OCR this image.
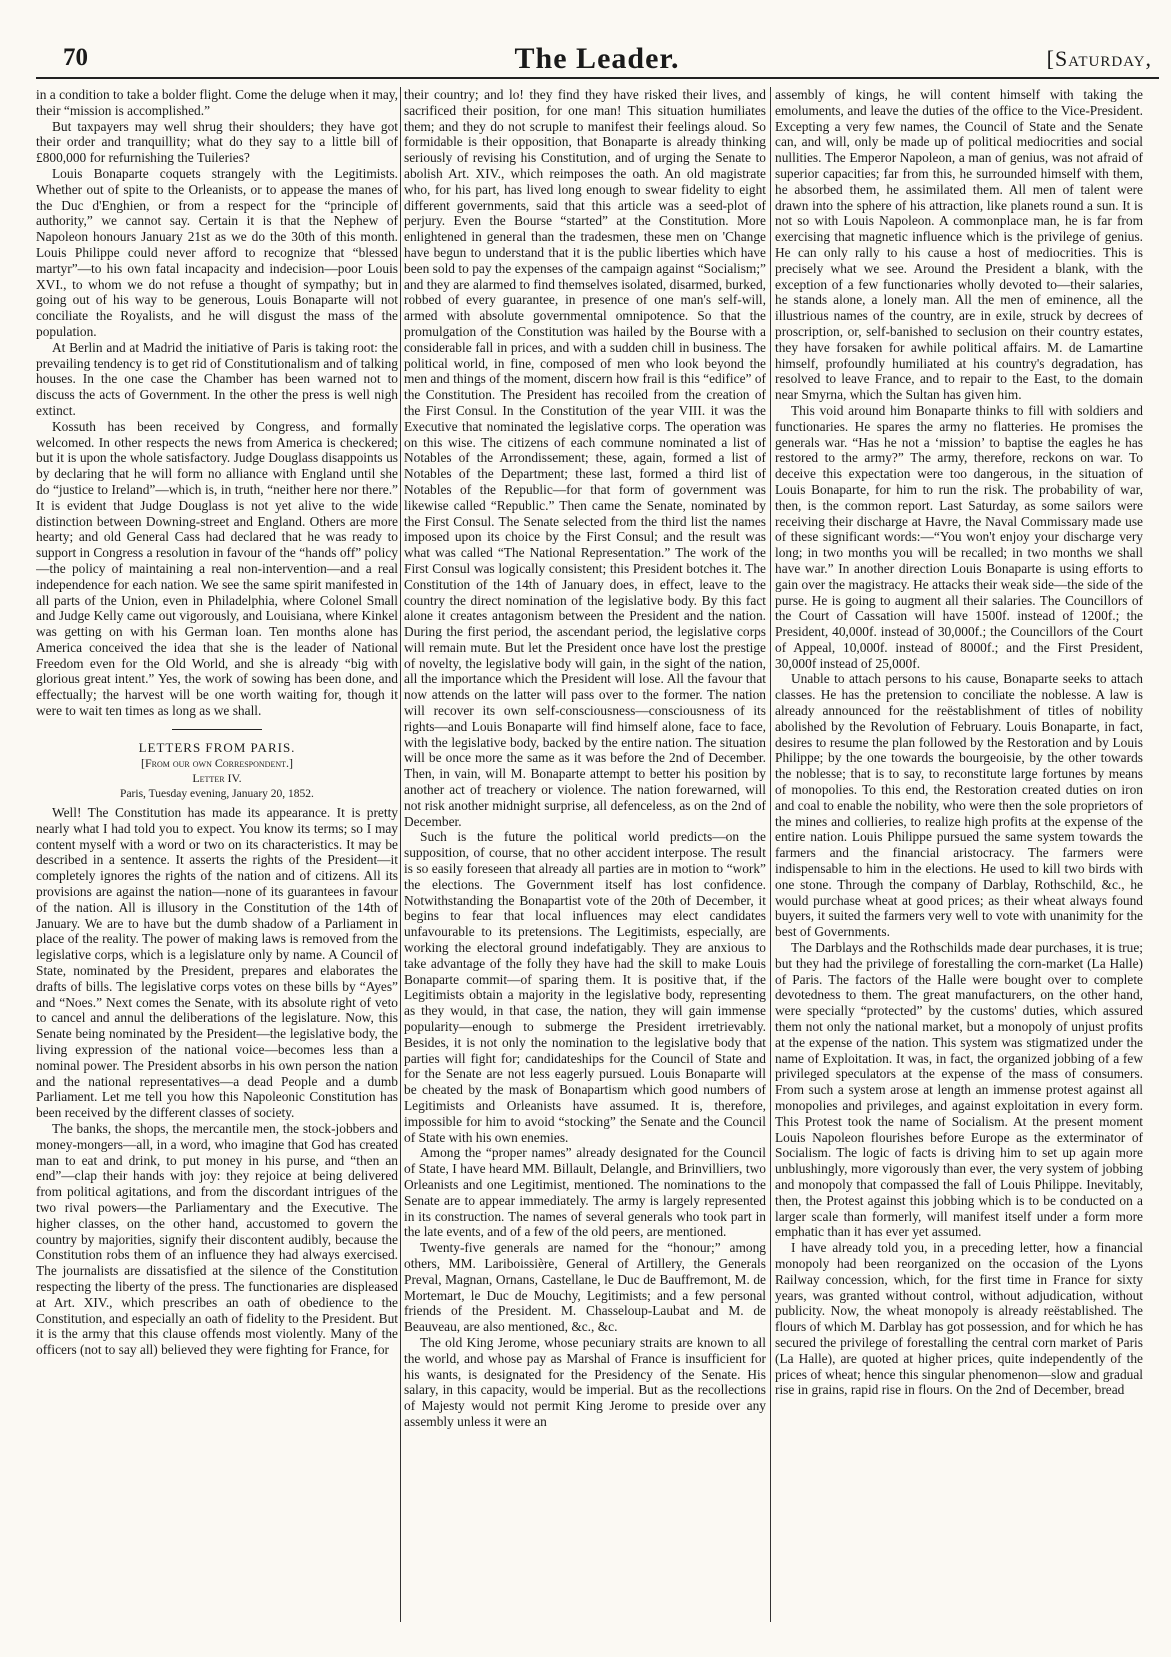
70	The Leader.	[Saturday,

in a condition to take a bolder flight. Come the deluge when it may, their “mission is accomplished.”

But taxpayers may well shrug their shoulders; they have got their order and tranquillity; what do they say to a little bill of £800,000 for refurnishing the Tuileries?

Louis Bonaparte coquets strangely with the Legitimists. Whether out of spite to the Orleanists, or to appease the manes of the Duc d'Enghien, or from a respect for the “principle of authority,” we cannot say. Certain it is that the Nephew of Napoleon honours January 21st as we do the 30th of this month. Louis Philippe could never afford to recognize that “blessed martyr”—to his own fatal incapacity and indecision—poor Louis XVI., to whom we do not refuse a thought of sympathy; but in going out of his way to be generous, Louis Bonaparte will not conciliate the Royalists, and he will disgust the mass of the population.

At Berlin and at Madrid the initiative of Paris is taking root: the prevailing tendency is to get rid of Constitutionalism and of talking houses. In the one case the Chamber has been warned not to discuss the acts of Government. In the other the press is well nigh extinct.

Kossuth has been received by Congress, and formally welcomed. In other respects the news from America is checkered; but it is upon the whole satisfactory. Judge Douglass disappoints us by declaring that he will form no alliance with England until she do “justice to Ireland”—which is, in truth, “neither here nor there.” It is evident that Judge Douglass is not yet alive to the wide distinction between Downing-street and England. Others are more hearty; and old General Cass had declared that he was ready to support in Congress a resolution in favour of the “hands off” policy—the policy of maintaining a real non-intervention—and a real independence for each nation. We see the same spirit manifested in all parts of the Union, even in Philadelphia, where Colonel Small and Judge Kelly came out vigorously, and Louisiana, where Kinkel was getting on with his German loan. Ten months alone has America conceived the idea that she is the leader of National Freedom even for the Old World, and she is already “big with glorious great intent.” Yes, the work of sowing has been done, and effectually; the harvest will be one worth waiting for, though it were to wait ten times as long as we shall.

LETTERS FROM PARIS.
[From our own Correspondent.]
Letter IV.
Paris, Tuesday evening, January 20, 1852.

Well! The Constitution has made its appearance. It is pretty nearly what I had told you to expect. You know its terms; so I may content myself with a word or two on its characteristics. It may be described in a sentence. It asserts the rights of the President—it completely ignores the rights of the nation and of citizens. All its provisions are against the nation—none of its guarantees in favour of the nation. All is illusory in the Constitution of the 14th of January. We are to have but the dumb shadow of a Parliament in place of the reality. The power of making laws is removed from the legislative corps, which is a legislature only by name. A Council of State, nominated by the President, prepares and elaborates the drafts of bills. The legislative corps votes on these bills by “Ayes” and “Noes.” Next comes the Senate, with its absolute right of veto to cancel and annul the deliberations of the legislature. Now, this Senate being nominated by the President—the legislative body, the living expression of the national voice—becomes less than a nominal power. The President absorbs in his own person the nation and the national representatives—a dead People and a dumb Parliament. Let me tell you how this Napoleonic Constitution has been received by the different classes of society.

The banks, the shops, the mercantile men, the stock-jobbers and money-mongers—all, in a word, who imagine that God has created man to eat and drink, to put money in his purse, and “then an end”—clap their hands with joy: they rejoice at being delivered from political agitations, and from the discordant intrigues of the two rival powers—the Parliamentary and the Executive. The higher classes, on the other hand, accustomed to govern the country by majorities, signify their discontent audibly, because the Constitution robs them of an influence they had always exercised. The journalists are dissatisfied at the silence of the Constitution respecting the liberty of the press. The functionaries are displeased at Art. XIV., which prescribes an oath of obedience to the Constitution, and especially an oath of fidelity to the President. But it is the army that this clause offends most violently. Many of the officers (not to say all) believed they were fighting for France, for

their country; and lo! they find they have risked their lives, and sacrificed their position, for one man! This situation humiliates them; and they do not scruple to manifest their feelings aloud. So formidable is their opposition, that Bonaparte is already thinking seriously of revising his Constitution, and of urging the Senate to abolish Art. XIV., which reimposes the oath. An old magistrate who, for his part, has lived long enough to swear fidelity to eight different governments, said that this article was a seed-plot of perjury. Even the Bourse “started” at the Constitution. More enlightened in general than the tradesmen, these men on 'Change have begun to understand that it is the public liberties which have been sold to pay the expenses of the campaign against “Socialism;” and they are alarmed to find themselves isolated, disarmed, burked, robbed of every guarantee, in presence of one man's self-will, armed with absolute governmental omnipotence. So that the promulgation of the Constitution was hailed by the Bourse with a considerable fall in prices, and with a sudden chill in business. The political world, in fine, composed of men who look beyond the men and things of the moment, discern how frail is this “edifice” of the Constitution. The President has recoiled from the creation of the First Consul. In the Constitution of the year VIII. it was the Executive that nominated the legislative corps. The operation was on this wise. The citizens of each commune nominated a list of Notables of the Arrondissement; these, again, formed a list of Notables of the Department; these last, formed a third list of Notables of the Republic—for that form of government was likewise called “Republic.” Then came the Senate, nominated by the First Consul. The Senate selected from the third list the names imposed upon its choice by the First Consul; and the result was what was called “The National Representation.” The work of the First Consul was logically consistent; this President botches it. The Constitution of the 14th of January does, in effect, leave to the country the direct nomination of the legislative body. By this fact alone it creates antagonism between the President and the nation. During the first period, the ascendant period, the legislative corps will remain mute. But let the President once have lost the prestige of novelty, the legislative body will gain, in the sight of the nation, all the importance which the President will lose. All the favour that now attends on the latter will pass over to the former. The nation will recover its own self-consciousness—consciousness of its rights—and Louis Bonaparte will find himself alone, face to face, with the legislative body, backed by the entire nation. The situation will be once more the same as it was before the 2nd of December. Then, in vain, will M. Bonaparte attempt to better his position by another act of treachery or violence. The nation forewarned, will not risk another midnight surprise, all defenceless, as on the 2nd of December.

Such is the future the political world predicts—on the supposition, of course, that no other accident interpose. The result is so easily foreseen that already all parties are in motion to “work” the elections. The Government itself has lost confidence. Notwithstanding the Bonapartist vote of the 20th of December, it begins to fear that local influences may elect candidates unfavourable to its pretensions. The Legitimists, especially, are working the electoral ground indefatigably. They are anxious to take advantage of the folly they have had the skill to make Louis Bonaparte commit—of sparing them. It is positive that, if the Legitimists obtain a majority in the legislative body, representing as they would, in that case, the nation, they will gain immense popularity—enough to submerge the President irretrievably. Besides, it is not only the nomination to the legislative body that parties will fight for; candidateships for the Council of State and for the Senate are not less eagerly pursued. Louis Bonaparte will be cheated by the mask of Bonapartism which good numbers of Legitimists and Orleanists have assumed. It is, therefore, impossible for him to avoid “stocking” the Senate and the Council of State with his own enemies.

Among the “proper names” already designated for the Council of State, I have heard MM. Billault, Delangle, and Brinvilliers, two Orleanists and one Legitimist, mentioned. The nominations to the Senate are to appear immediately. The army is largely represented in its construction. The names of several generals who took part in the late events, and of a few of the old peers, are mentioned.

Twenty-five generals are named for the “honour;” among others, MM. Lariboissière, General of Artillery, the Generals Preval, Magnan, Ornans, Castellane, le Duc de Bauffremont, M. de Mortemart, le Duc de Mouchy, Legitimists; and a few personal friends of the President. M. Chasseloup-Laubat and M. de Beauveau, are also mentioned, &c., &c.

The old King Jerome, whose pecuniary straits are known to all the world, and whose pay as Marshal of France is insufficient for his wants, is designated for the Presidency of the Senate. His salary, in this capacity, would be imperial. But as the recollections of Majesty would not permit King Jerome to preside over any assembly unless it were an

assembly of kings, he will content himself with taking the emoluments, and leave the duties of the office to the Vice-President. Excepting a very few names, the Council of State and the Senate can, and will, only be made up of political mediocrities and social nullities. The Emperor Napoleon, a man of genius, was not afraid of superior capacities; far from this, he surrounded himself with them, he absorbed them, he assimilated them. All men of talent were drawn into the sphere of his attraction, like planets round a sun. It is not so with Louis Napoleon. A commonplace man, he is far from exercising that magnetic influence which is the privilege of genius. He can only rally to his cause a host of mediocrities. This is precisely what we see. Around the President a blank, with the exception of a few functionaries wholly devoted to—their salaries, he stands alone, a lonely man. All the men of eminence, all the illustrious names of the country, are in exile, struck by decrees of proscription, or, self-banished to seclusion on their country estates, they have forsaken for awhile political affairs. M. de Lamartine himself, profoundly humiliated at his country's degradation, has resolved to leave France, and to repair to the East, to the domain near Smyrna, which the Sultan has given him.

This void around him Bonaparte thinks to fill with soldiers and functionaries. He spares the army no flatteries. He promises the generals war. “Has he not a ‘mission’ to baptise the eagles he has restored to the army?” The army, therefore, reckons on war. To deceive this expectation were too dangerous, in the situation of Louis Bonaparte, for him to run the risk. The probability of war, then, is the common report. Last Saturday, as some sailors were receiving their discharge at Havre, the Naval Commissary made use of these significant words:—“You won't enjoy your discharge very long; in two months you will be recalled; in two months we shall have war.” In another direction Louis Bonaparte is using efforts to gain over the magistracy. He attacks their weak side—the side of the purse. He is going to augment all their salaries. The Councillors of the Court of Cassation will have 1500f. instead of 1200f.; the President, 40,000f. instead of 30,000f.; the Councillors of the Court of Appeal, 10,000f. instead of 8000f.; and the First President, 30,000f instead of 25,000f.

Unable to attach persons to his cause, Bonaparte seeks to attach classes. He has the pretension to conciliate the noblesse. A law is already announced for the reëstablishment of titles of nobility abolished by the Revolution of February. Louis Bonaparte, in fact, desires to resume the plan followed by the Restoration and by Louis Philippe; by the one towards the bourgeoisie, by the other towards the noblesse; that is to say, to reconstitute large fortunes by means of monopolies. To this end, the Restoration created duties on iron and coal to enable the nobility, who were then the sole proprietors of the mines and collieries, to realize high profits at the expense of the entire nation. Louis Philippe pursued the same system towards the farmers and the financial aristocracy. The farmers were indispensable to him in the elections. He used to kill two birds with one stone. Through the company of Darblay, Rothschild, &c., he would purchase wheat at good prices; as their wheat always found buyers, it suited the farmers very well to vote with unanimity for the best of Governments.

The Darblays and the Rothschilds made dear purchases, it is true; but they had the privilege of forestalling the corn-market (La Halle) of Paris. The factors of the Halle were bought over to complete devotedness to them. The great manufacturers, on the other hand, were specially “protected” by the customs' duties, which assured them not only the national market, but a monopoly of unjust profits at the expense of the nation. This system was stigmatized under the name of Exploitation. It was, in fact, the organized jobbing of a few privileged speculators at the expense of the mass of consumers. From such a system arose at length an immense protest against all monopolies and privileges, and against exploitation in every form. This Protest took the name of Socialism. At the present moment Louis Napoleon flourishes before Europe as the exterminator of Socialism. The logic of facts is driving him to set up again more unblushingly, more vigorously than ever, the very system of jobbing and monopoly that compassed the fall of Louis Philippe. Inevitably, then, the Protest against this jobbing which is to be conducted on a larger scale than formerly, will manifest itself under a form more emphatic than it has ever yet assumed.

I have already told you, in a preceding letter, how a financial monopoly had been reorganized on the occasion of the Lyons Railway concession, which, for the first time in France for sixty years, was granted without control, without adjudication, without publicity. Now, the wheat monopoly is already reëstablished. The flours of which M. Darblay has got possession, and for which he has secured the privilege of forestalling the central corn market of Paris (La Halle), are quoted at higher prices, quite independently of the prices of wheat; hence this singular phenomenon—slow and gradual rise in grains, rapid rise in flours. On the 2nd of December, bread
